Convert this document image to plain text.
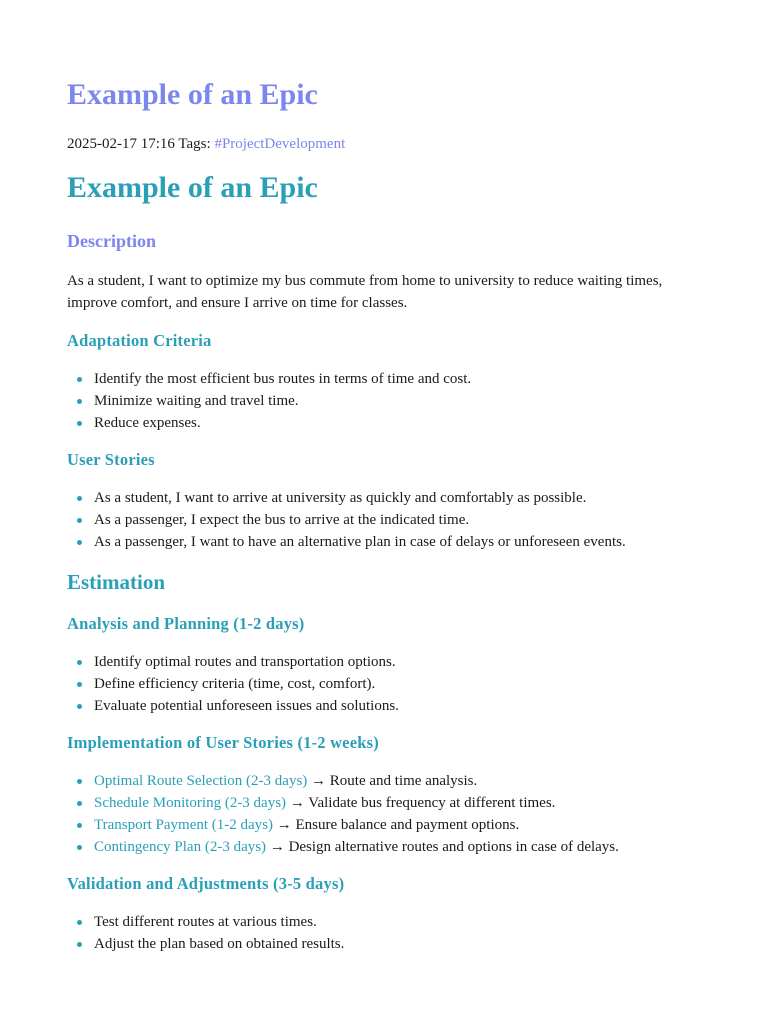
Example of an Epic
2025-02-17 17:16 Tags: #ProjectDevelopment
Example of an Epic
Description

As a student, I want to optimize my bus commute from home to university to reduce waiting times, improve comfort, and ensure I arrive on time for classes.

Adaptation Criteria
Identify the most efficient bus routes in terms of time and cost.
Minimize waiting and travel time.
Reduce expenses.
User Stories
As a student, I want to arrive at university as quickly and comfortably as possible.
As a passenger, I expect the bus to arrive at the indicated time.
As a passenger, I want to have an alternative plan in case of delays or unforeseen events.
Estimation
Analysis and Planning (1-2 days)
Identify optimal routes and transportation options.
Define efficiency criteria (time, cost, comfort).
Evaluate potential unforeseen issues and solutions.
Implementation of User Stories (1-2 weeks)
Optimal Route Selection (2-3 days) → Route and time analysis.
Schedule Monitoring (2-3 days) → Validate bus frequency at different times.
Transport Payment (1-2 days) → Ensure balance and payment options.
Contingency Plan (2-3 days) → Design alternative routes and options in case of delays.
Validation and Adjustments (3-5 days)
Test different routes at various times.
Adjust the plan based on obtained results.
